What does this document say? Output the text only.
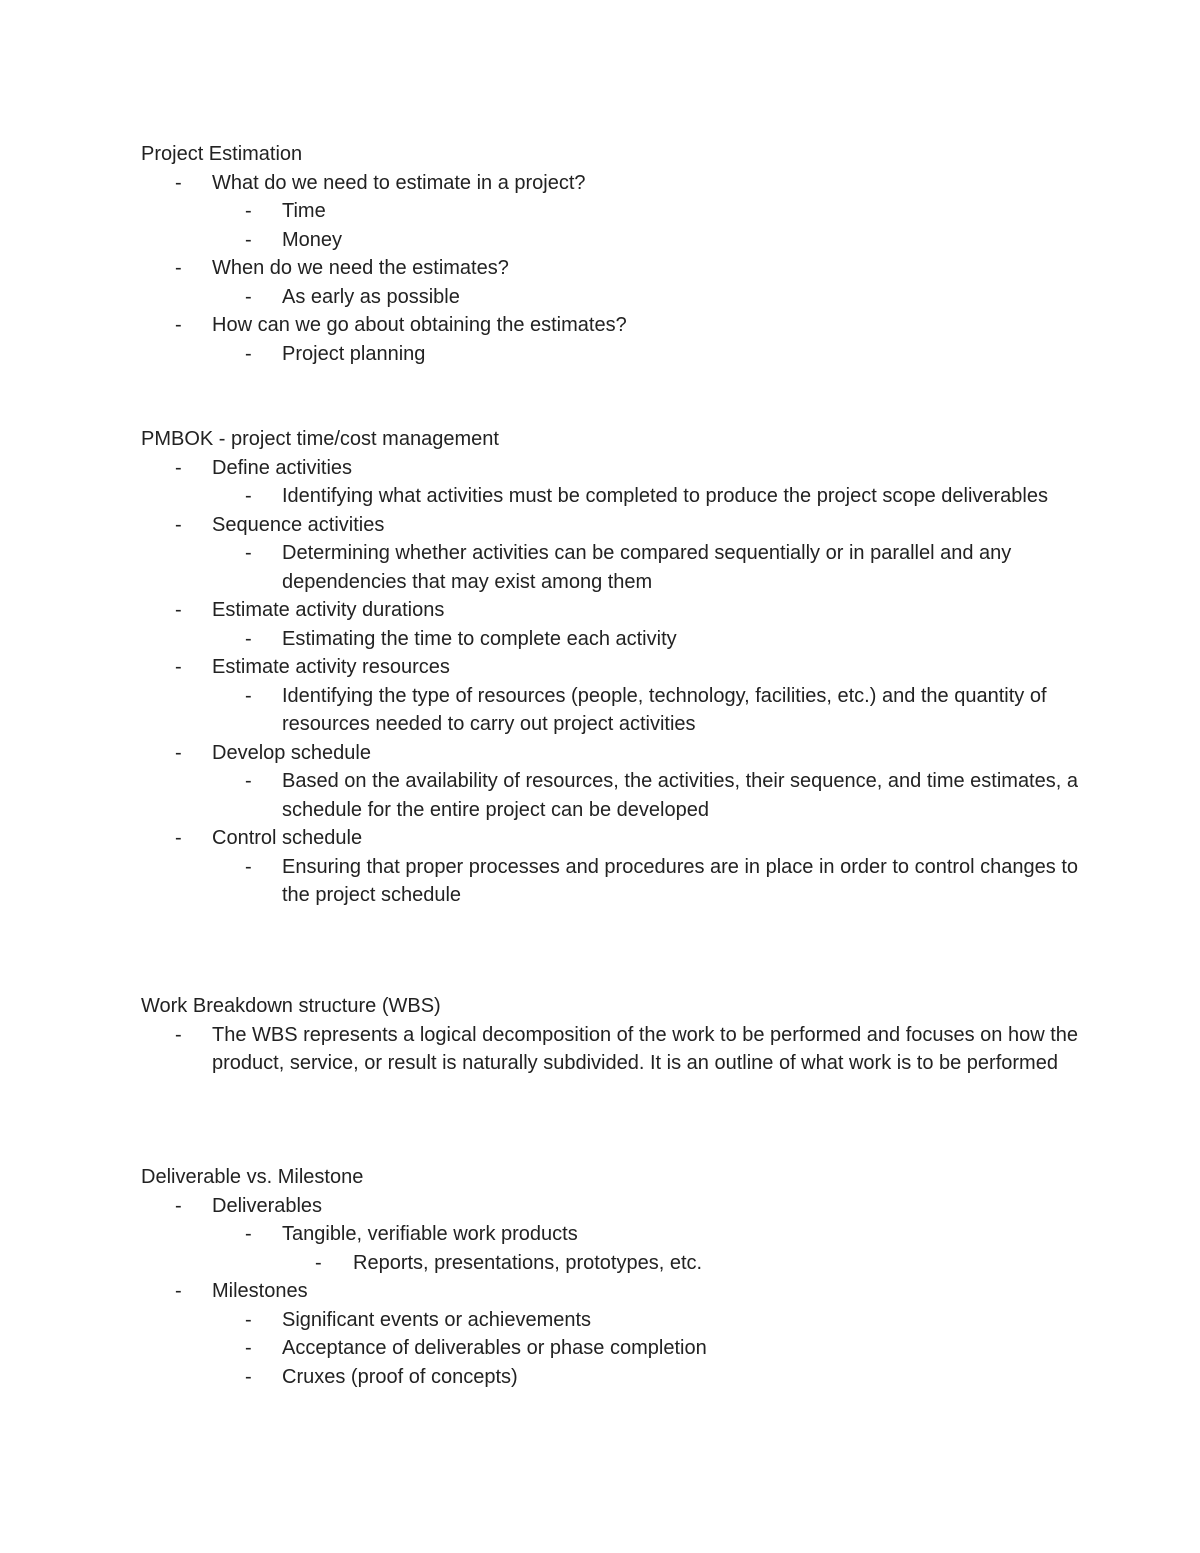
Project Estimation
- What do we need to estimate in a project?
- Time
- Money
- When do we need the estimates?
- As early as possible
- How can we go about obtaining the estimates?
- Project planning
PMBOK - project time/cost management
- Define activities
- Identifying what activities must be completed to produce the project scope deliverables
- Sequence activities
- Determining whether activities can be compared sequentially or in parallel and any dependencies that may exist among them
- Estimate activity durations
- Estimating the time to complete each activity
- Estimate activity resources
- Identifying the type of resources (people, technology, facilities, etc.) and the quantity of resources needed to carry out project activities
- Develop schedule
- Based on the availability of resources, the activities, their sequence, and time estimates, a schedule for the entire project can be developed
- Control schedule
- Ensuring that proper processes and procedures are in place in order to control changes to the project schedule
Work Breakdown structure (WBS)
- The WBS represents a logical decomposition of the work to be performed and focuses on how the product, service, or result is naturally subdivided. It is an outline of what work is to be performed
Deliverable vs. Milestone
- Deliverables
- Tangible, verifiable work products
- Reports, presentations, prototypes, etc.
- Milestones
- Significant events or achievements
- Acceptance of deliverables or phase completion
- Cruxes (proof of concepts)
